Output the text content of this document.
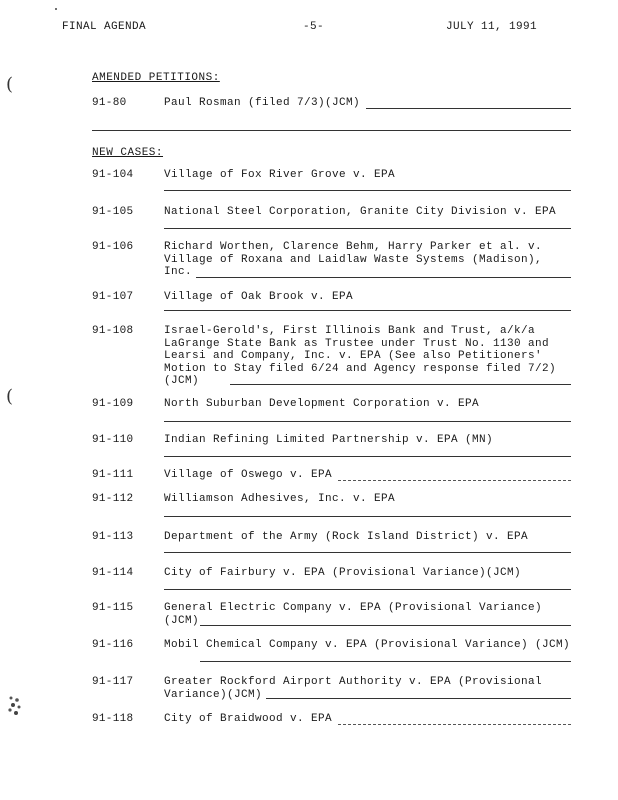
FINAL AGENDA	-5-	JULY 11, 1991
(
(
AMENDED PETITIONS:
91-80	Paul Rosman (filed 7/3)(JCM)
NEW CASES:
91-104	Village of Fox River Grove v. EPA
91-105	National Steel Corporation, Granite City Division v. EPA
91-106	Richard Worthen, Clarence Behm, Harry Parker et al. v. Village of Roxana and Laidlaw Waste Systems (Madison), Inc.
91-107	Village of Oak Brook v. EPA
91-108	Israel-Gerold's, First Illinois Bank and Trust, a/k/a LaGrange State Bank as Trustee under Trust No. 1130 and Learsi and Company, Inc. v. EPA (See also Petitioners' Motion to Stay filed 6/24 and Agency response filed 7/2)(JCM)
91-109	North Suburban Development Corporation v. EPA
91-110	Indian Refining Limited Partnership v. EPA (MN)
91-111	Village of Oswego v. EPA
91-112	Williamson Adhesives, Inc. v. EPA
91-113	Department of the Army (Rock Island District) v. EPA
91-114	City of Fairbury v. EPA (Provisional Variance)(JCM)
91-115	General Electric Company v. EPA (Provisional Variance) (JCM)
91-116	Mobil Chemical Company v. EPA (Provisional Variance) (JCM)
91-117	Greater Rockford Airport Authority v. EPA (Provisional Variance)(JCM)
91-118	City of Braidwood v. EPA
